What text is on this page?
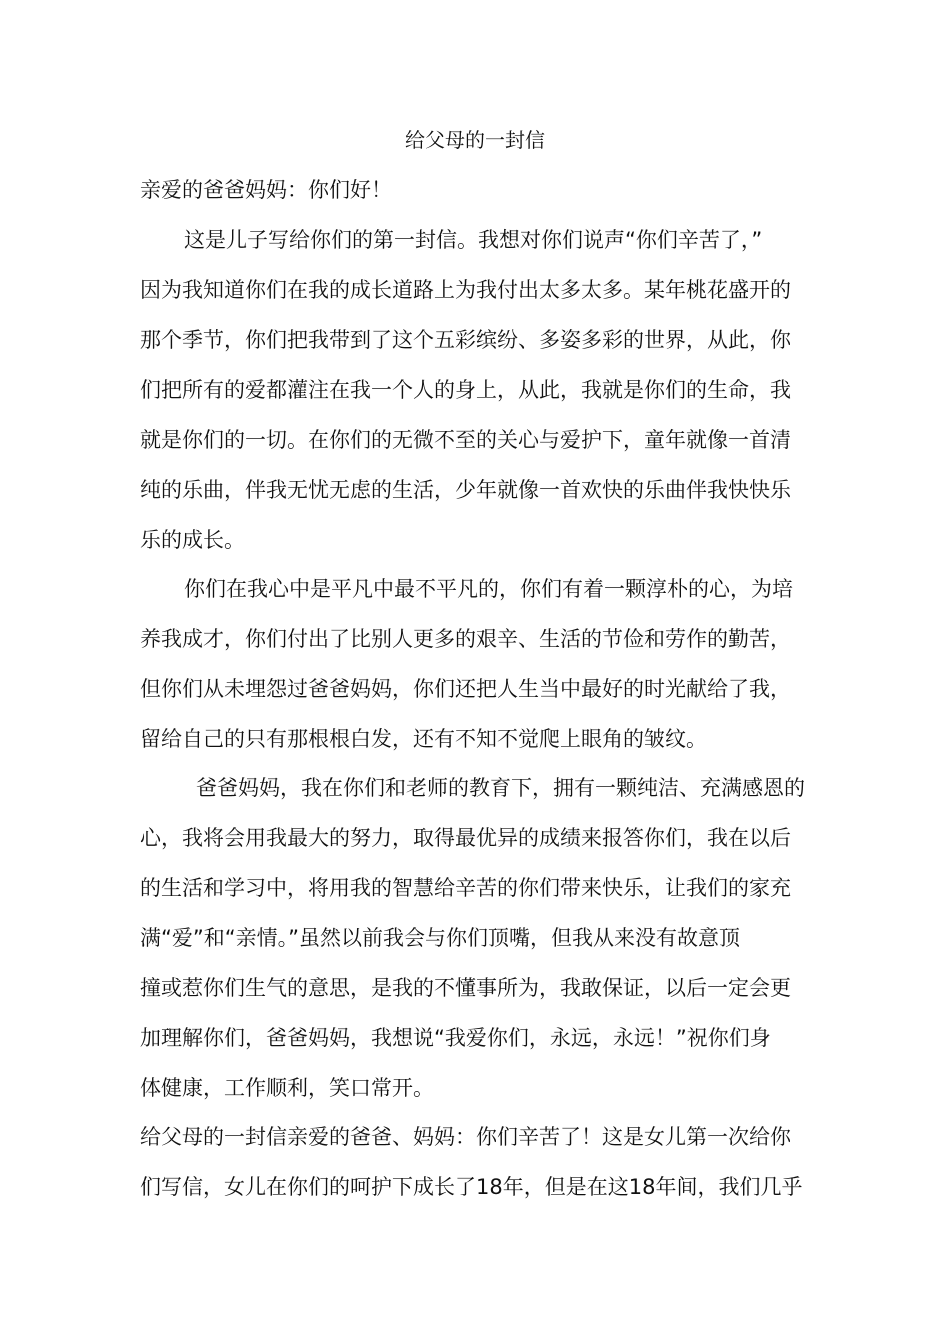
给父母的一封信
亲爱的爸爸妈妈：你们好！
这是儿子写给你们的第一封信。我想对你们说声“你们辛苦了，”
因为我知道你们在我的成长道路上为我付出太多太多。某年桃花盛开的
那个季节，你们把我带到了这个五彩缤纷、多姿多彩的世界，从此，你
们把所有的爱都灌注在我一个人的身上，从此，我就是你们的生命，我
就是你们的一切。在你们的无微不至的关心与爱护下，童年就像一首清
纯的乐曲，伴我无忧无虑的生活，少年就像一首欢快的乐曲伴我快快乐
乐的成长。
你们在我心中是平凡中最不平凡的，你们有着一颗淳朴的心，为培
养我成才，你们付出了比别人更多的艰辛、生活的节俭和劳作的勤苦，
但你们从未埋怨过爸爸妈妈，你们还把人生当中最好的时光献给了我，
留给自己的只有那根根白发，还有不知不觉爬上眼角的皱纹。
爸爸妈妈，我在你们和老师的教育下，拥有一颗纯洁、充满感恩的
心，我将会用我最大的努力，取得最优异的成绩来报答你们，我在以后
的生活和学习中，将用我的智慧给辛苦的你们带来快乐，让我们的家充
满“爱”和“亲情。”虽然以前我会与你们顶嘴，但我从来没有故意顶
撞或惹你们生气的意思，是我的不懂事所为，我敢保证，以后一定会更
加理解你们，爸爸妈妈，我想说“我爱你们，永远，永远！”祝你们身
体健康，工作顺利，笑口常开。
给父母的一封信亲爱的爸爸、妈妈：你们辛苦了！这是女儿第一次给你
们写信，女儿在你们的呵护下成长了18年，但是在这18年间，我们几乎
